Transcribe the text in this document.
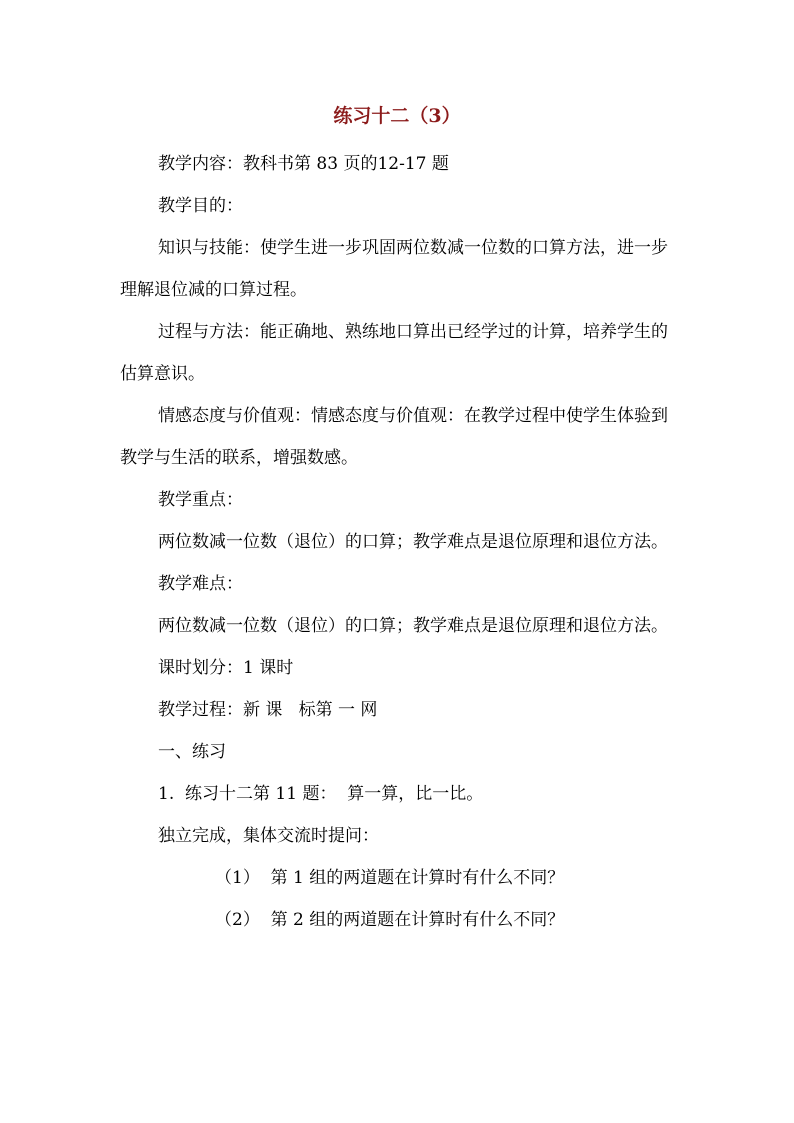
练习十二（3）

教学内容：教科书第 83 页的12-17 题

教学目的：

知识与技能：使学生进一步巩固两位数减一位数的口算方法，进一步理解退位减的口算过程。

过程与方法：能正确地、熟练地口算出已经学过的计算，培养学生的估算意识。

情感态度与价值观：情感态度与价值观：在教学过程中使学生体验到教学与生活的联系，增强数感。

教学重点：

两位数减一位数（退位）的口算；教学难点是退位原理和退位方法。

教学难点：

两位数减一位数（退位）的口算；教学难点是退位原理和退位方法。

课时划分：1 课时

教学过程：新 课   标第 一 网

一、练习

1.  练习十二第 11 题：  算一算，比一比。

独立完成，集体交流时提问：

（1）  第 1 组的两道题在计算时有什么不同？

（2）  第 2 组的两道题在计算时有什么不同？
